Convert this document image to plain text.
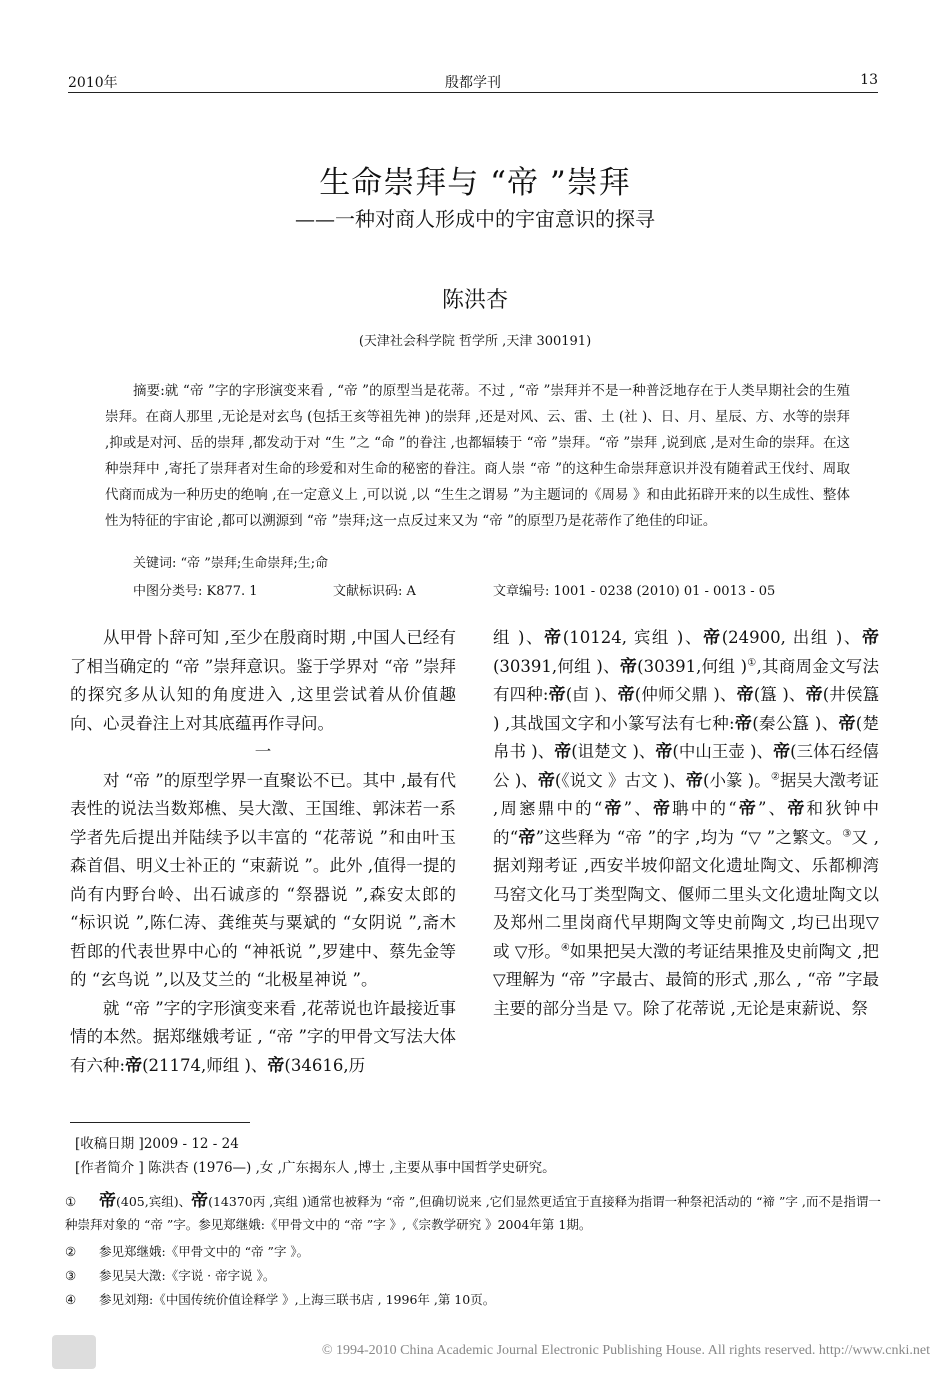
2010年	殷都学刊	13
生命崇拜与 “帝 ”崇拜
——一种对商人形成中的宇宙意识的探寻
陈洪杏
(天津社会科学院 哲学所 ,天津 300191)

摘要:就 “帝 ”字的字形演变来看 , “帝 ”的原型当是花蒂。不过 , “帝 ”崇拜并不是一种普泛地存在于人类早期社会的生殖崇拜。在商人那里 ,无论是对玄鸟 (包括王亥等祖先神 )的崇拜 ,还是对风、云、雷、土 (社 )、日、月、星辰、方、水等的崇拜 ,抑或是对河、岳的崇拜 ,都发动于对 “生 ”之 “命 ”的眷注 ,也都辐辏于 “帝 ”崇拜。“帝 ”崇拜 ,说到底 ,是对生命的崇拜。在这种崇拜中 ,寄托了崇拜者对生命的珍爱和对生命的秘密的眷注。商人崇 “帝 ”的这种生命崇拜意识并没有随着武王伐纣、周取代商而成为一种历史的绝响 ,在一定意义上 ,可以说 ,以 “生生之谓易 ”为主题词的《周易 》和由此拓辟开来的以生成性、整体性为特征的宇宙论 ,都可以溯源到 “帝 ”崇拜;这一点反过来又为 “帝 ”的原型乃是花蒂作了绝佳的印证。

关键词: “帝 ”崇拜;生命崇拜;生;命
中图分类号: K877. 1	文献标识码: A	文章编号: 1001 - 0238 (2010) 01 - 0013 - 05

从甲骨卜辞可知 ,至少在殷商时期 ,中国人已经有了相当确定的 “帝 ”崇拜意识。鉴于学界对 “帝 ”崇拜的探究多从认知的角度进入 ,这里尝试着从价值趣向、心灵眷注上对其底蕴再作寻问。

一

对 “帝 ”的原型学界一直聚讼不已。其中 ,最有代表性的说法当数郑樵、吴大澂、王国维、郭沫若一系学者先后提出并陆续予以丰富的 “花蒂说 ”和由叶玉森首倡、明义士补正的 “束薪说 ”。此外 ,值得一提的尚有内野台岭、出石诚彦的 “祭器说 ”,森安太郎的 “标识说 ”,陈仁涛、龚维英与粟斌的 “女阴说 ”,斋木哲郎的代表世界中心的 “神祇说 ”,罗建中、蔡先金等的 “玄鸟说 ”,以及艾兰的 “北极星神说 ”。

就 “帝 ”字的字形演变来看 ,花蒂说也许最接近事情的本然。据郑继娥考证 , “帝 ”字的甲骨文写法大体有六种:帝(21174,师组 )、帝(34616,历

组 )、帝(10124, 宾组 )、帝(24900, 出组 )、帝(30391,何组 )、帝(30391,何组 )①,其商周金文写法有四种:帝(卣 )、帝(仲师父鼎 )、帝(簋 )、帝(井侯簋 ) ,其战国文字和小篆写法有七种:帝(秦公簋 )、帝(楚帛书 )、帝(诅楚文 )、帝(中山王壶 )、帝(三体石经僖公 )、帝(《说文 》古文 )、帝(小篆 )。②据吴大澂考证 ,周窸鼎中的“帝”、帝聃中的“帝”、帝和狄钟中的“帝”这些释为 “帝 ”的字 ,均为 “▽ ”之繁文。③又 ,据刘翔考证 ,西安半坡仰韶文化遗址陶文、乐都柳湾马窑文化马丁类型陶文、偃师二里头文化遗址陶文以及郑州二里岗商代早期陶文等史前陶文 ,均已出现▽或 ▽形。④如果把吴大澂的考证结果推及史前陶文 ,把 ▽理解为 “帝 ”字最古、最简的形式 ,那么 , “帝 ”字最主要的部分当是 ▽。除了花蒂说 ,无论是束薪说、祭

[收稿日期 ]2009 - 12 - 24
[作者简介 ] 陈洪杏 (1976—) ,女 ,广东揭东人 ,博士 ,主要从事中国哲学史研究。
① 帝(405,宾组)、帝(14370丙 ,宾组 )通常也被释为 “帝 ”,但确切说来 ,它们显然更适宜于直接释为指谓一种祭祀活动的 “禘 ”字 ,而不是指谓一种崇拜对象的 “帝 ”字。参见郑继娥:《甲骨文中的 “帝 ”字 》,《宗教学研究 》2004年第 1期。
② 参见郑继娥:《甲骨文中的 “帝 ”字 》。
③ 参见吴大澂:《字说 · 帝字说 》。
④ 参见刘翔:《中国传统价值诠释学 》,上海三联书店 , 1996年 ,第 10页。
© 1994-2010 China Academic Journal Electronic Publishing House. All rights reserved. http://www.cnki.net
